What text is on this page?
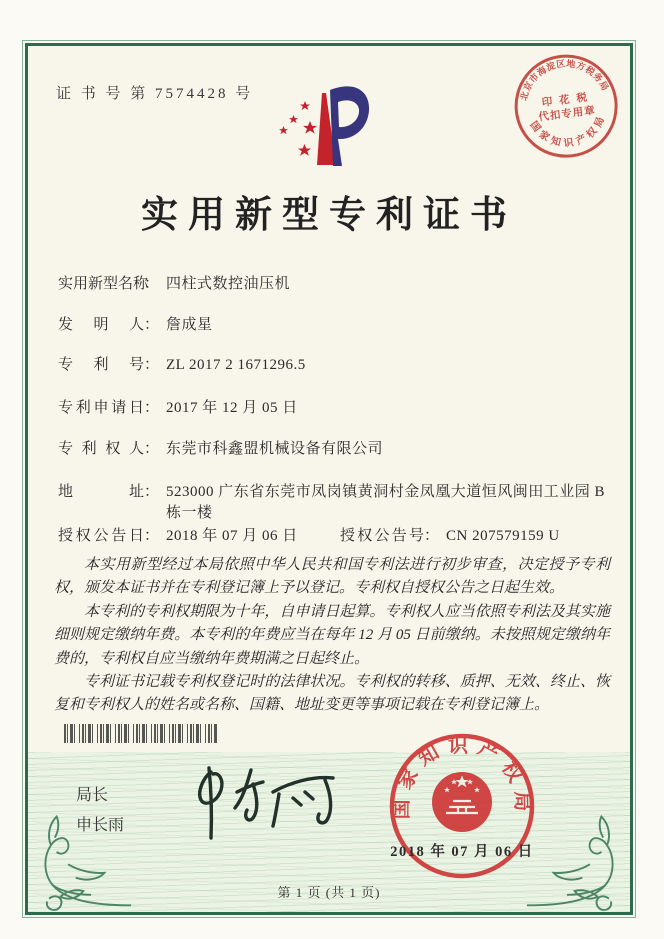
证 书 号 第 7574428 号	北京市海淀区地方税务局
国家知识产权局
印 花 税
代扣专用章
实用新型专利证书
实用新型名称： 四柱式数控油压机
发明人： 詹成星
专利号： ZL 2017 2 1671296.5
专利申请日： 2017 年 12 月 05 日
专利权人： 东莞市科鑫盟机械设备有限公司
地址： 523000 广东省东莞市凤岗镇黄洞村金凤凰大道恒风闽田工业园 B 栋一楼
授权公告日： 2018 年 07 月 06 日	授权公告号： CN 207579159 U

本实用新型经过本局依照中华人民共和国专利法进行初步审查，决定授予专利权，颁发本证书并在专利登记簿上予以登记。专利权自授权公告之日起生效。

本专利的专利权期限为十年，自申请日起算。专利权人应当依照专利法及其实施细则规定缴纳年费。本专利的年费应当在每年 12 月 05 日前缴纳。未按照规定缴纳年费的，专利权自应当缴纳年费期满之日起终止。

专利证书记载专利权登记时的法律状况。专利权的转移、质押、无效、终止、恢复和专利权人的姓名或名称、国籍、地址变更等事项记载在专利登记簿上。

局长
申长雨
国家知识产权局
2018 年 07 月 06 日
第 1 页 (共 1 页)
